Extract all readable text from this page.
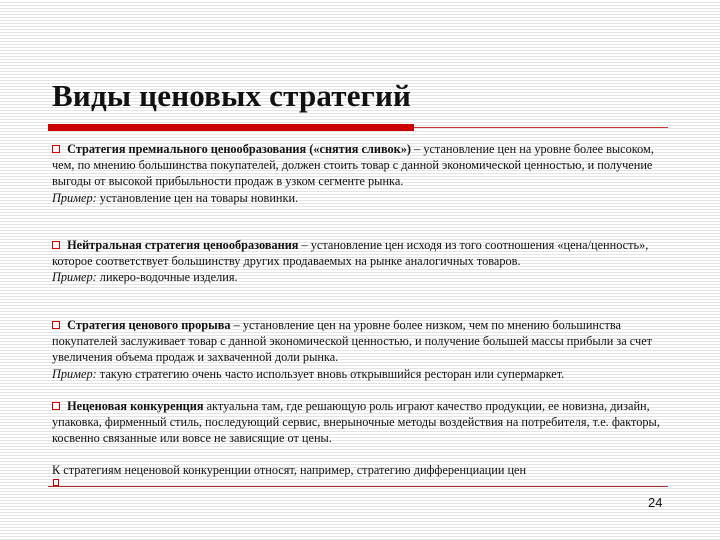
Виды ценовых стратегий
Стратегия премиального ценообразования («снятия сливок») – установление цен на уровне более высоком, чем, по мнению большинства покупателей, должен стоить товар с данной экономической ценностью, и получение выгоды от высокой прибыльности продаж в узком сегменте рынка.
Пример: установление цен на товары новинки.
Нейтральная стратегия ценообразования – установление цен исходя из того соотношения «цена/ценность», которое соответствует большинству других продаваемых на рынке аналогичных товаров.
Пример: ликеро-водочные изделия.
Стратегия ценового прорыва – установление цен на уровне более низком, чем по мнению большинства покупателей заслуживает товар с данной экономической ценностью, и получение большей массы прибыли за счет увеличения объема продаж и захваченной доли рынка.
Пример: такую стратегию очень часто использует вновь открывшийся ресторан или супермаркет.
Неценовая конкуренция актуальна там, где решающую роль играют качество продукции, ее новизна, дизайн, упаковка, фирменный стиль, последующий сервис, внерыночные методы воздействия на потребителя, т.е. факторы, косвенно связанные или вовсе не зависящие от цены.
К стратегиям неценовой конкуренции относят, например, стратегию дифференциации цен
24
